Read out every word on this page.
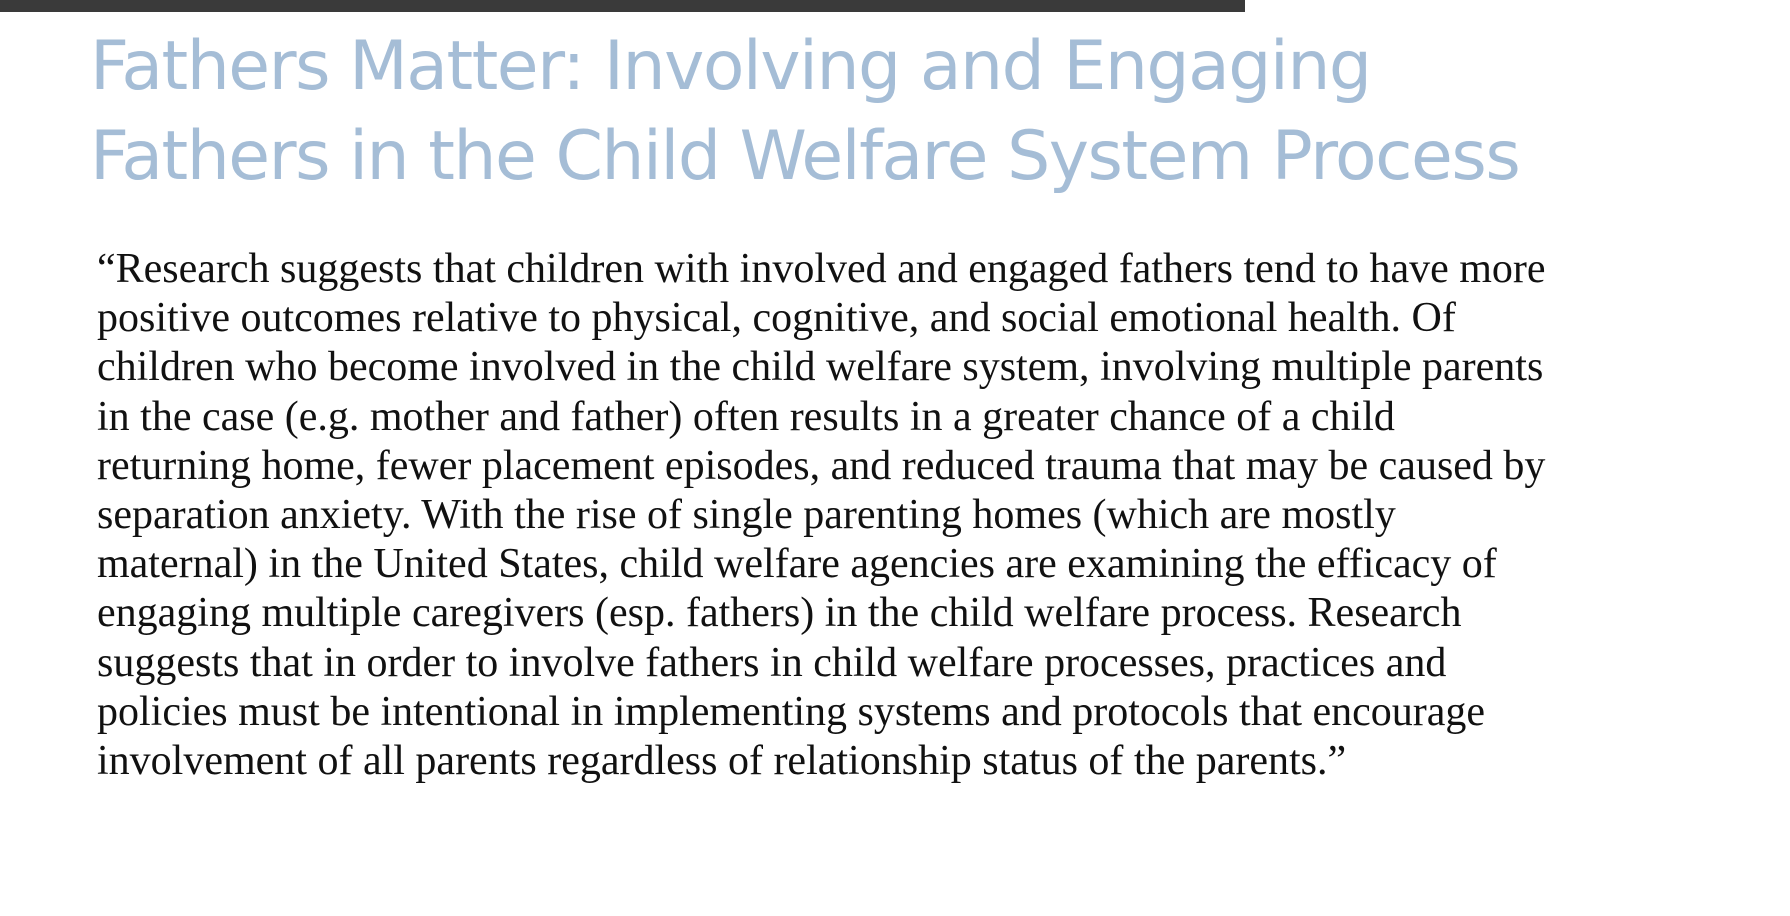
Fathers Matter: Involving and Engaging
Fathers in the Child Welfare System Process
“Research suggests that children with involved and engaged fathers tend to have more
positive outcomes relative to physical, cognitive, and social emotional health. Of
children who become involved in the child welfare system, involving multiple parents
in the case (e.g. mother and father) often results in a greater chance of a child
returning home, fewer placement episodes, and reduced trauma that may be caused by
separation anxiety. With the rise of single parenting homes (which are mostly
maternal) in the United States, child welfare agencies are examining the efficacy of
engaging multiple caregivers (esp. fathers) in the child welfare process. Research
suggests that in order to involve fathers in child welfare processes, practices and
policies must be intentional in implementing systems and protocols that encourage
involvement of all parents regardless of relationship status of the parents.”
